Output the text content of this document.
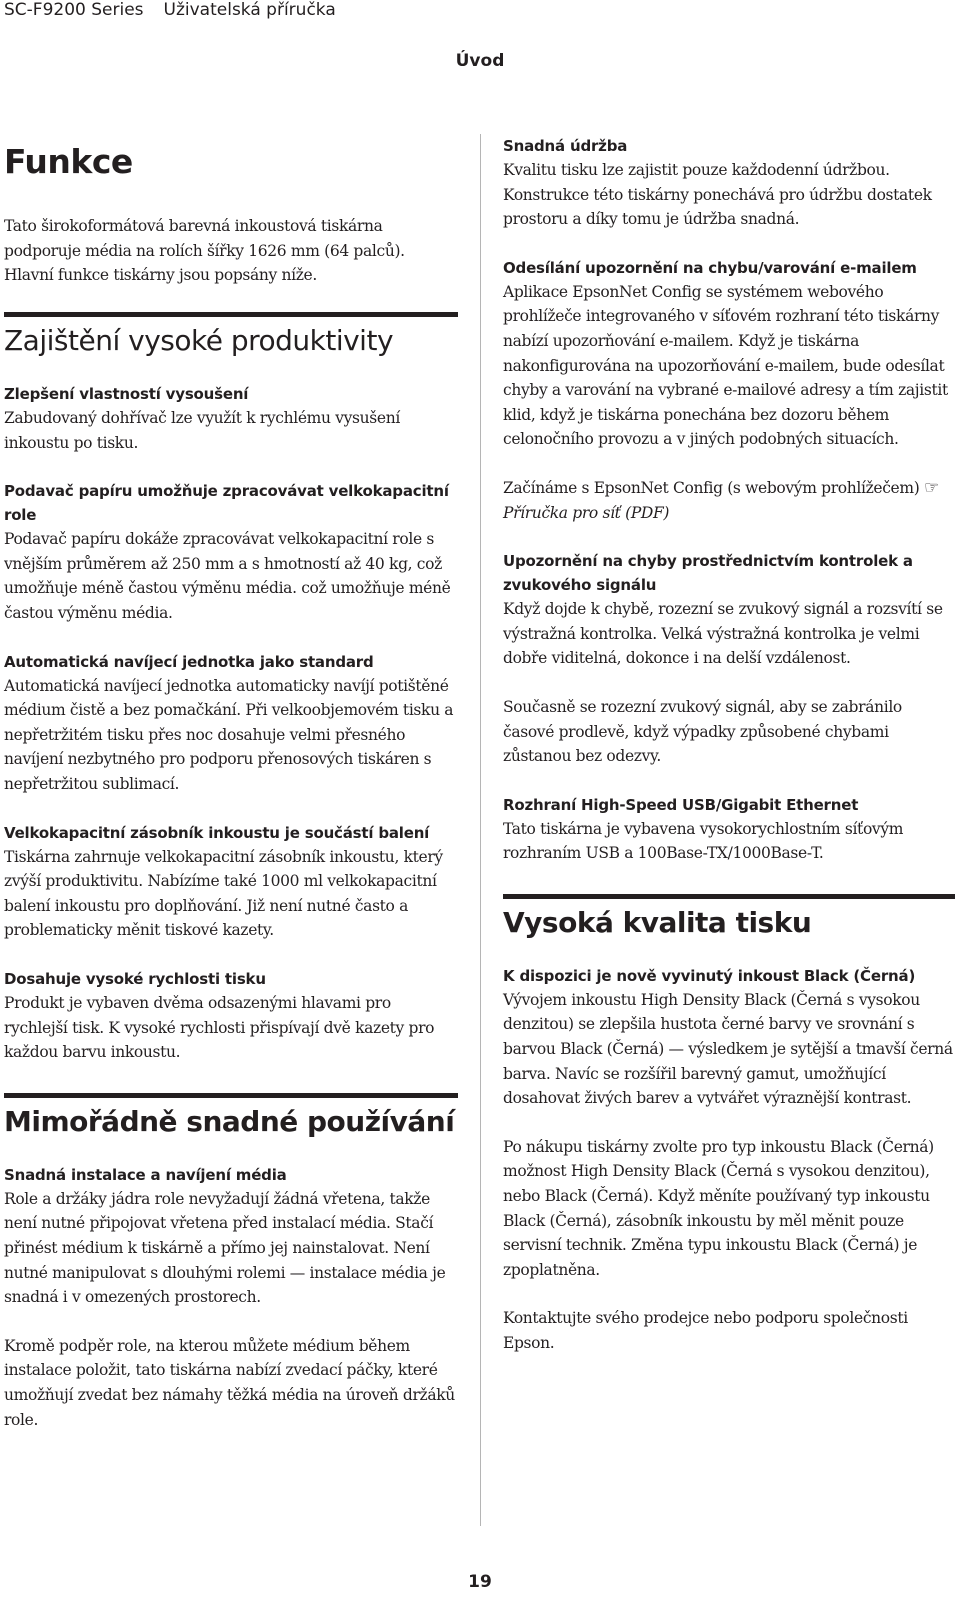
SC-F9200 Series Uživatelská příručka
Úvod
Funkce

Tato širokoformátová barevná inkoustová tiskárna podporuje média na rolích šířky 1626 mm (64 palců). Hlavní funkce tiskárny jsou popsány níže.

Zajištění vysoké produktivity
Zlepšení vlastností vysoušení

Zabudovaný dohřívač lze využít k rychlému vysušení inkoustu po tisku.

Podavač papíru umožňuje zpracovávat velkokapacitní role

Podavač papíru dokáže zpracovávat velkokapacitní role s vnějším průměrem až 250 mm a s hmotností až 40 kg, což umožňuje méně častou výměnu média. což umožňuje méně častou výměnu média.

Automatická navíjecí jednotka jako standard

Automatická navíjecí jednotka automaticky navíjí potištěné médium čistě a bez pomačkání. Při velkoobjemovém tisku a nepřetržitém tisku přes noc dosahuje velmi přesného navíjení nezbytného pro podporu přenosových tiskáren s nepřetržitou sublimací.

Velkokapacitní zásobník inkoustu je součástí balení

Tiskárna zahrnuje velkokapacitní zásobník inkoustu, který zvýší produktivitu. Nabízíme také 1000 ml velkokapacitní balení inkoustu pro doplňování. Již není nutné často a problematicky měnit tiskové kazety.

Dosahuje vysoké rychlosti tisku

Produkt je vybaven dvěma odsazenými hlavami pro rychlejší tisk. K vysoké rychlosti přispívají dvě kazety pro každou barvu inkoustu.

Mimořádně snadné používání
Snadná instalace a navíjení média

Role a držáky jádra role nevyžadují žádná vřetena, takže není nutné připojovat vřetena před instalací média. Stačí přinést médium k tiskárně a přímo jej nainstalovat. Není nutné manipulovat s dlouhými rolemi — instalace média je snadná i v omezených prostorech.

Kromě podpěr role, na kterou můžete médium během instalace položit, tato tiskárna nabízí zvedací páčky, které umožňují zvedat bez námahy těžká média na úroveň držáků role.

Snadná údržba

Kvalitu tisku lze zajistit pouze každodenní údržbou. Konstrukce této tiskárny ponechává pro údržbu dostatek prostoru a díky tomu je údržba snadná.

Odesílání upozornění na chybu/varování e-mailem

Aplikace EpsonNet Config se systémem webového prohlížeče integrovaného v síťovém rozhraní této tiskárny nabízí upozorňování e-mailem. Když je tiskárna nakonfigurována na upozorňování e-mailem, bude odesílat chyby a varování na vybrané e-mailové adresy a tím zajistit klid, když je tiskárna ponechána bez dozoru během celonočního provozu a v jiných podobných situacích.

Začínáme s EpsonNet Config (s webovým prohlížečem) ☞ Příručka pro síť (PDF)

Upozornění na chyby prostřednictvím kontrolek a zvukového signálu

Když dojde k chybě, rozezní se zvukový signál a rozsvítí se výstražná kontrolka. Velká výstražná kontrolka je velmi dobře viditelná, dokonce i na delší vzdálenost.

Současně se rozezní zvukový signál, aby se zabránilo časové prodlevě, když výpadky způsobené chybami zůstanou bez odezvy.

Rozhraní High-Speed USB/Gigabit Ethernet

Tato tiskárna je vybavena vysokorychlostním síťovým rozhraním USB a 100Base-TX/1000Base-T.

Vysoká kvalita tisku
K dispozici je nově vyvinutý inkoust Black (Černá)

Vývojem inkoustu High Density Black (Černá s vysokou denzitou) se zlepšila hustota černé barvy ve srovnání s barvou Black (Černá) — výsledkem je sytější a tmavší černá barva. Navíc se rozšířil barevný gamut, umožňující dosahovat živých barev a vytvářet výraznější kontrast.

Po nákupu tiskárny zvolte pro typ inkoustu Black (Černá) možnost High Density Black (Černá s vysokou denzitou), nebo Black (Černá). Když měníte používaný typ inkoustu Black (Černá), zásobník inkoustu by měl měnit pouze servisní technik. Změna typu inkoustu Black (Černá) je zpoplatněna.

Kontaktujte svého prodejce nebo podporu společnosti Epson.

19
